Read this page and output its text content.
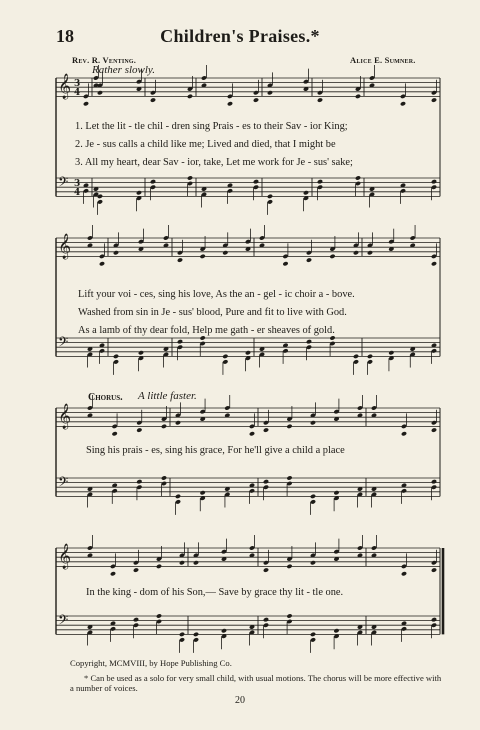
18	Children's Praises.*
Rev. R. Venting.	Alice E. Sumner.
Rather slowly.
𝄞 3
4
𝄢 3
4
𝄞
𝄢
𝄞
𝄢
𝄞
𝄢
1. Let the lit - tle chil - dren sing Prais - es to their Sav - ior King;
2. Je - sus calls a child like me; Lived and died, that I might be
3. All my heart, dear Sav - ior, take, Let me work for Je - sus' sake;
Lift your voi - ces, sing his love, As the an - gel - ic choir a - bove.
Washed from sin in Je - sus' blood, Pure and fit to live with God.
As a lamb of thy dear fold, Help me gath - er sheaves of gold.
Chorus. A little faster.
Sing his prais - es, sing his grace, For he'll give a child a place
In the king - dom of his Son,— Save by grace thy lit - tle one.
Copyright, MCMVIII, by Hope Publishing Co.
* Can be used as a solo for very small child, with usual motions. The chorus will be more effective with a number of voices.
20
